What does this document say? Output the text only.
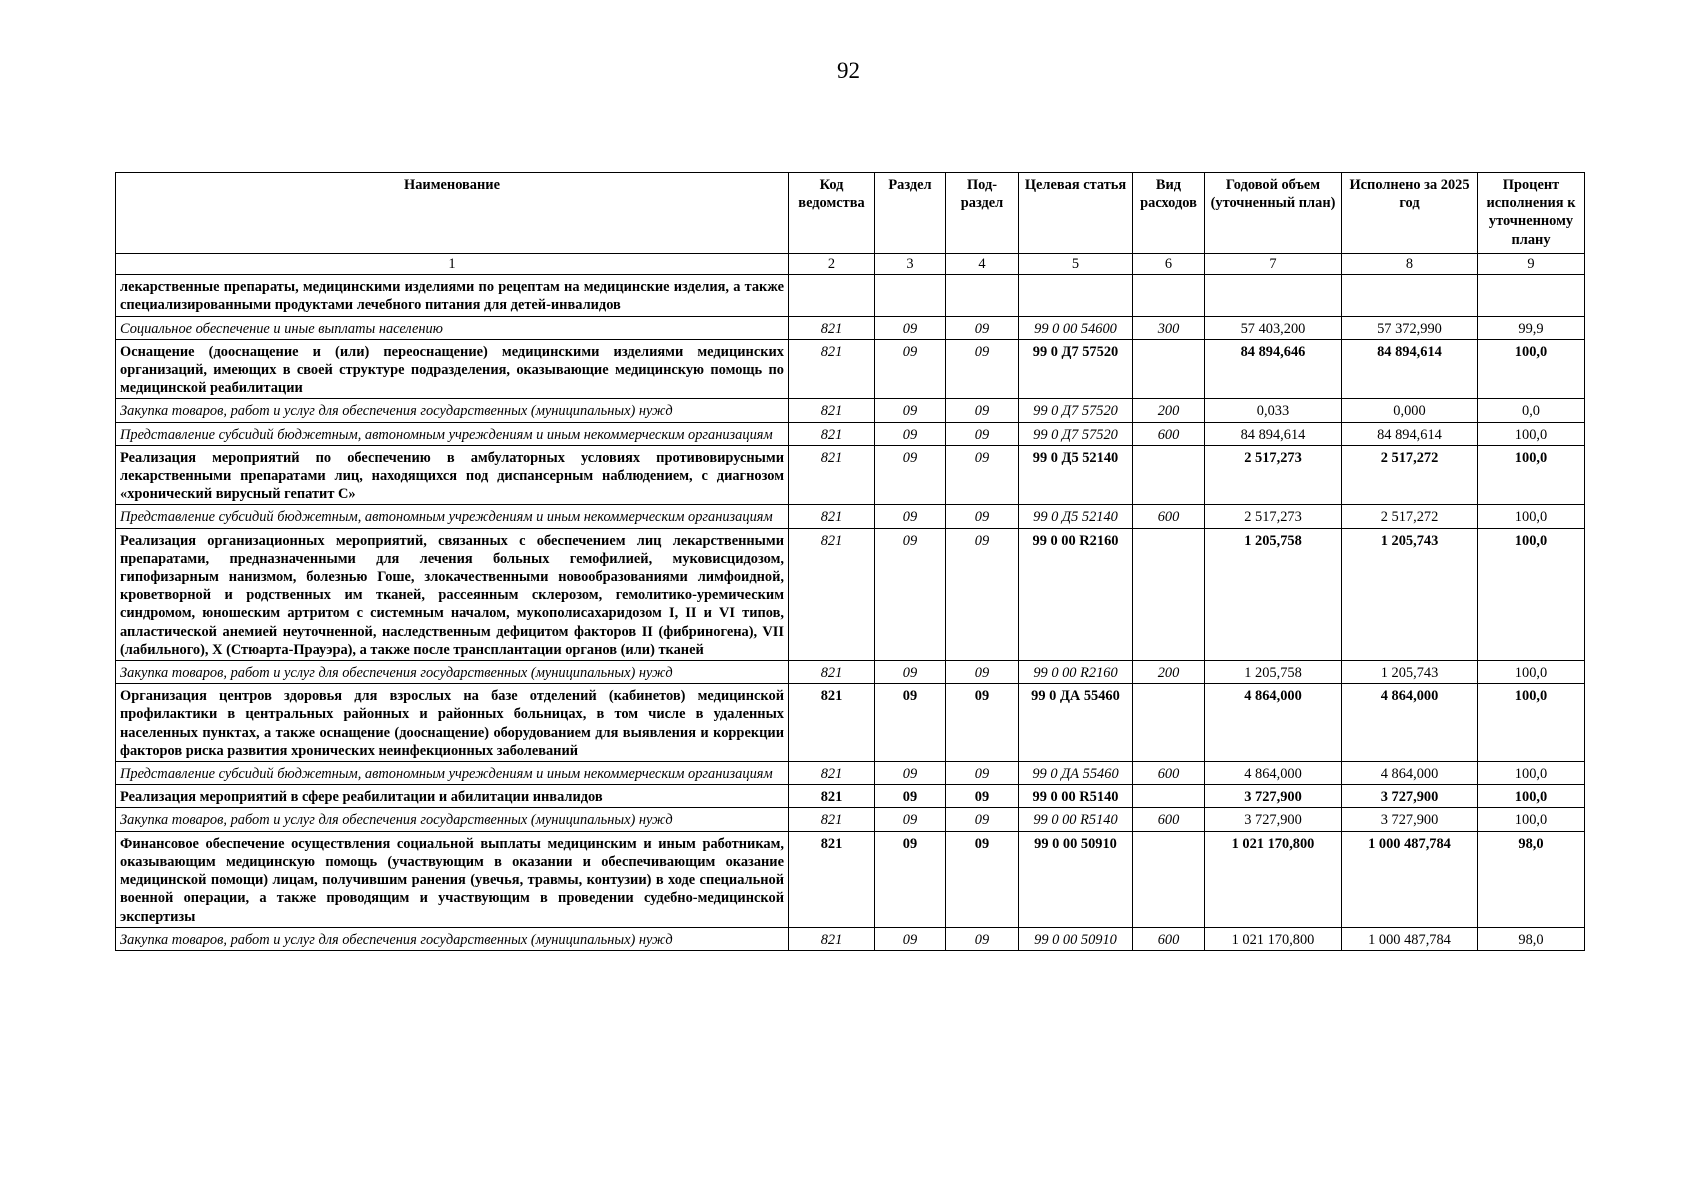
92
Наименование	Код ведомства	Раздел	Под-раздел	Целевая статья	Вид расходов	Годовой объем (уточненный план)	Исполнено за 2025 год	Процент исполнения к уточненному плану
1	2	3	4	5	6	7	8	9
лекарственные препараты, медицинскими изделиями по рецептам на медицинские изделия, а также специализированными продуктами лечебного питания для детей-инвалидов								
Социальное обеспечение и иные выплаты населению	821	09	09	99 0 00 54600	300	57 403,200	57 372,990	99,9
Оснащение (дооснащение и (или) переоснащение) медицинскими изделиями медицинских организаций, имеющих в своей структуре подразделения, оказывающие медицинскую помощь по медицинской реабилитации	821	09	09	99 0 Д7 57520		84 894,646	84 894,614	100,0
Закупка товаров, работ и услуг для обеспечения государственных (муниципальных) нужд	821	09	09	99 0 Д7 57520	200	0,033	0,000	0,0
Представление субсидий бюджетным, автономным учреждениям и иным некоммерческим организациям	821	09	09	99 0 Д7 57520	600	84 894,614	84 894,614	100,0
Реализация мероприятий по обеспечению в амбулаторных условиях противовирусными лекарственными препаратами лиц, находящихся под диспансерным наблюдением, с диагнозом «хронический вирусный гепатит С»	821	09	09	99 0 Д5 52140		2 517,273	2 517,272	100,0
Представление субсидий бюджетным, автономным учреждениям и иным некоммерческим организациям	821	09	09	99 0 Д5 52140	600	2 517,273	2 517,272	100,0
Реализация организационных мероприятий, связанных с обеспечением лиц лекарственными препаратами, предназначенными для лечения больных гемофилией, муковисцидозом, гипофизарным нанизмом, болезнью Гоше, злокачественными новообразованиями лимфоидной, кроветворной и родственных им тканей, рассеянным склерозом, гемолитико-уремическим синдромом, юношеским артритом с системным началом, мукополисахаридозом I, II и VI типов, апластической анемией неуточненной, наследственным дефицитом факторов II (фибриногена), VII (лабильного), X (Стюарта-Прауэра), а также после трансплантации органов (или) тканей	821	09	09	99 0 00 R2160		1 205,758	1 205,743	100,0
Закупка товаров, работ и услуг для обеспечения государственных (муниципальных) нужд	821	09	09	99 0 00 R2160	200	1 205,758	1 205,743	100,0
Организация центров здоровья для взрослых на базе отделений (кабинетов) медицинской профилактики в центральных районных и районных больницах, в том числе в удаленных населенных пунктах, а также оснащение (дооснащение) оборудованием для выявления и коррекции факторов риска развития хронических неинфекционных заболеваний	821	09	09	99 0 ДА 55460		4 864,000	4 864,000	100,0
Представление субсидий бюджетным, автономным учреждениям и иным некоммерческим организациям	821	09	09	99 0 ДА 55460	600	4 864,000	4 864,000	100,0
Реализация мероприятий в сфере реабилитации и абилитации инвалидов	821	09	09	99 0 00 R5140		3 727,900	3 727,900	100,0
Закупка товаров, работ и услуг для обеспечения государственных (муниципальных) нужд	821	09	09	99 0 00 R5140	600	3 727,900	3 727,900	100,0
Финансовое обеспечение осуществления социальной выплаты медицинским и иным работникам, оказывающим медицинскую помощь (участвующим в оказании и обеспечивающим оказание медицинской помощи) лицам, получившим ранения (увечья, травмы, контузии) в ходе специальной военной операции, а также проводящим и участвующим в проведении судебно-медицинской экспертизы	821	09	09	99 0 00 50910		1 021 170,800	1 000 487,784	98,0
Закупка товаров, работ и услуг для обеспечения государственных (муниципальных) нужд	821	09	09	99 0 00 50910	600	1 021 170,800	1 000 487,784	98,0
